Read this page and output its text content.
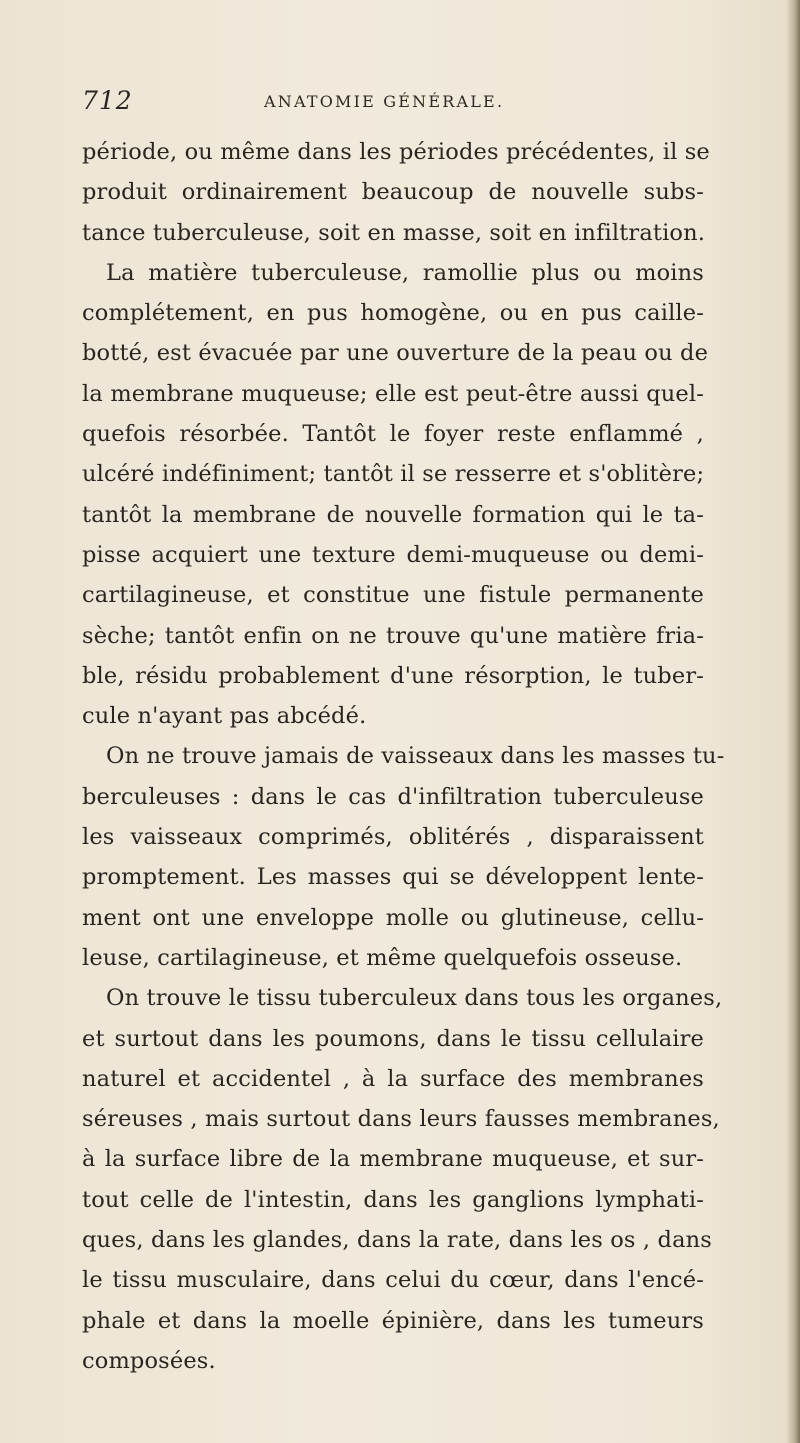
712	ANATOMIE GÉNÉRALE.
période, ou même dans les périodes précédentes, il se
produit ordinairement beaucoup de nouvelle subs-
tance tuberculeuse, soit en masse, soit en infiltration.
La matière tuberculeuse, ramollie plus ou moins
complétement, en pus homogène, ou en pus caille-
botté, est évacuée par une ouverture de la peau ou de
la membrane muqueuse; elle est peut-être aussi quel-
quefois résorbée. Tantôt le foyer reste enflammé ,
ulcéré indéfiniment; tantôt il se resserre et s'oblitère;
tantôt la membrane de nouvelle formation qui le ta-
pisse acquiert une texture demi-muqueuse ou demi-
cartilagineuse, et constitue une fistule permanente
sèche; tantôt enfin on ne trouve qu'une matière fria-
ble, résidu probablement d'une résorption, le tuber-
cule n'ayant pas abcédé.
On ne trouve jamais de vaisseaux dans les masses tu-
berculeuses : dans le cas d'infiltration tuberculeuse
les vaisseaux comprimés, oblitérés , disparaissent
promptement. Les masses qui se développent lente-
ment ont une enveloppe molle ou glutineuse, cellu-
leuse, cartilagineuse, et même quelquefois osseuse.
On trouve le tissu tuberculeux dans tous les organes,
et surtout dans les poumons, dans le tissu cellulaire
naturel et accidentel , à la surface des membranes
séreuses , mais surtout dans leurs fausses membranes,
à la surface libre de la membrane muqueuse, et sur-
tout celle de l'intestin, dans les ganglions lymphati-
ques, dans les glandes, dans la rate, dans les os , dans
le tissu musculaire, dans celui du cœur, dans l'encé-
phale et dans la moelle épinière, dans les tumeurs
composées.
